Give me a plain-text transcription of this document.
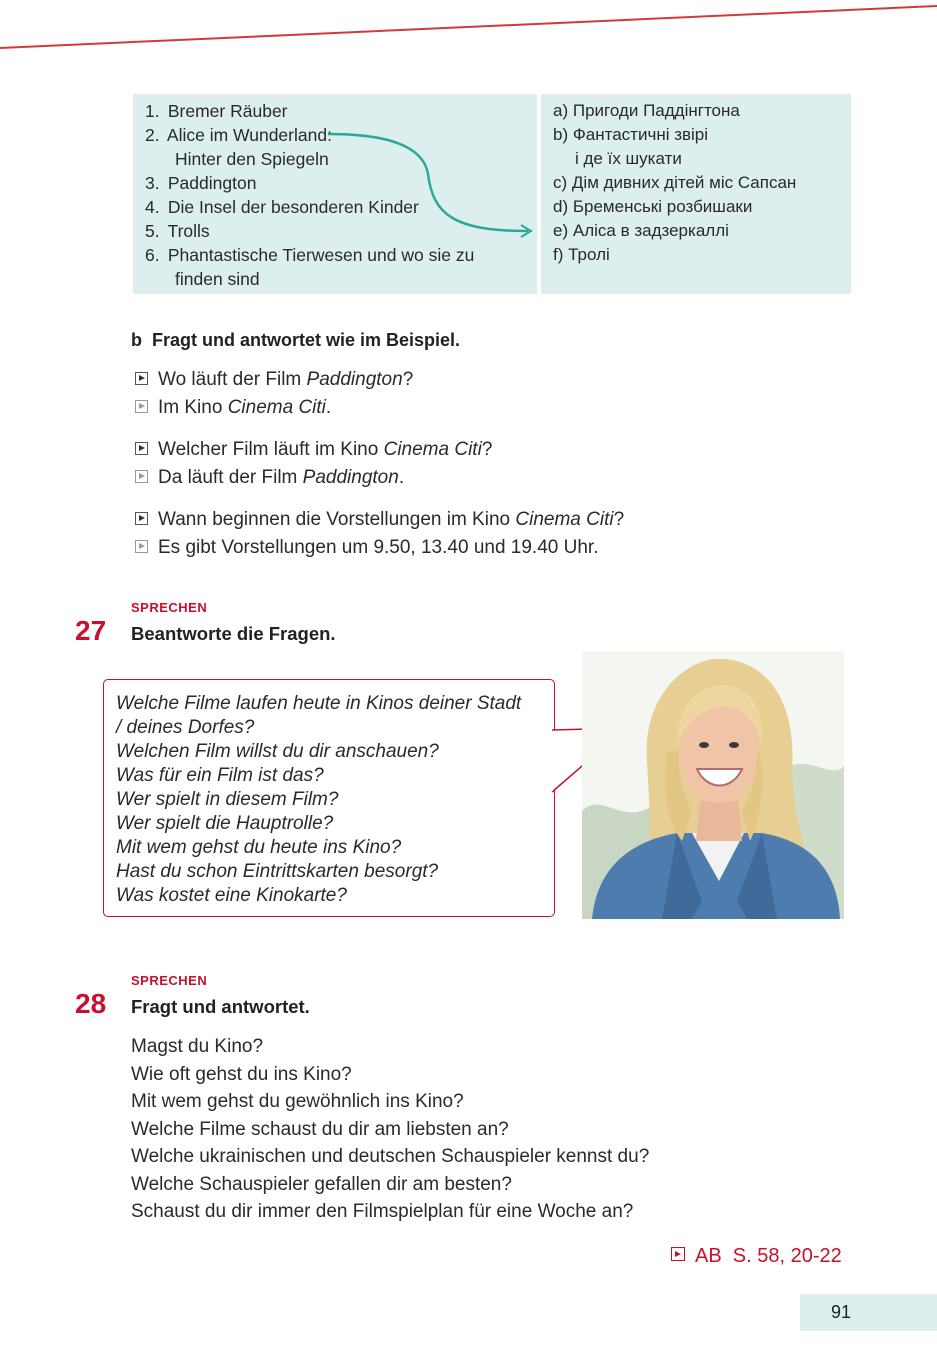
1. Bremer Räuber
2. Alice im Wunderland:
Hinter den Spiegeln
3. Paddington
4. Die Insel der besonderen Kinder
5. Trolls
6. Phantastische Tierwesen und wo sie zu
finden sind
a) Пригоди Паддінгтона
b) Фантастичні звірі
і де їх шукати
c) Дім дивних дітей міс Сапсан
d) Бременські розбишаки
e) Аліса в задзеркаллі
f) Тролі
b Fragt und antwortet wie im Beispiel.
Wo läuft der Film Paddington?
Im Kino Cinema Citi.
Welcher Film läuft im Kino Cinema Citi?
Da läuft der Film Paddington.
Wann beginnen die Vorstellungen im Kino Cinema Citi?
Es gibt Vorstellungen um 9.50, 13.40 und 19.40 Uhr.
SPRECHEN
27 Beantworte die Fragen.
Welche Filme laufen heute in Kinos deiner Stadt
/ deines Dorfes?
Welchen Film willst du dir anschauen?
Was für ein Film ist das?
Wer spielt in diesem Film?
Wer spielt die Hauptrolle?
Mit wem gehst du heute ins Kino?
Hast du schon Eintrittskarten besorgt?
Was kostet eine Kinokarte?
SPRECHEN
28 Fragt und antwortet.
Magst du Kino?
Wie oft gehst du ins Kino?
Mit wem gehst du gewöhnlich ins Kino?
Welche Filme schaust du dir am liebsten an?
Welche ukrainischen und deutschen Schauspieler kennst du?
Welche Schauspieler gefallen dir am besten?
Schaust du dir immer den Filmspielplan für eine Woche an?
AB  S. 58, 20-22
91
